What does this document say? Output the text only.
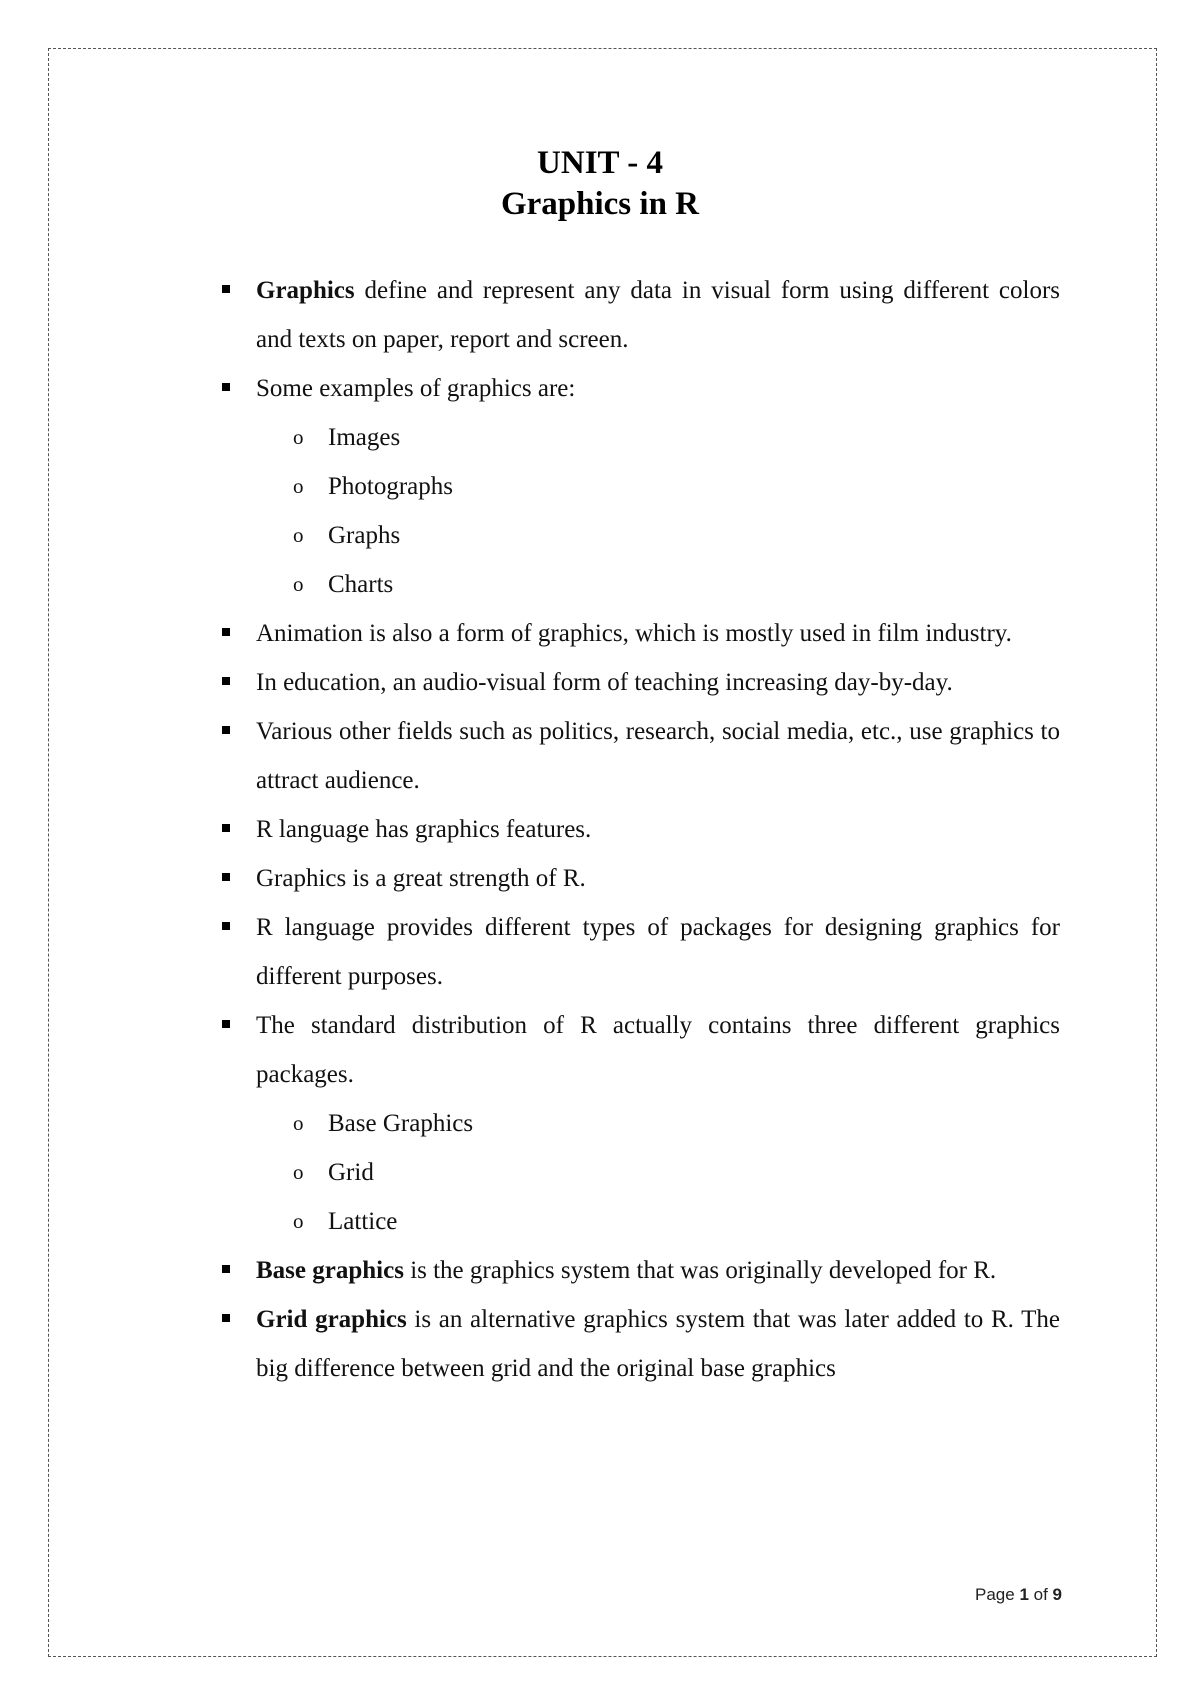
UNIT - 4
Graphics in R
Graphics define and represent any data in visual form using different colors and texts on paper, report and screen.
Some examples of graphics are:
o Images
o Photographs
o Graphs
o Charts
Animation is also a form of graphics, which is mostly used in film industry.
In education, an audio-visual form of teaching increasing day-by-day.
Various other fields such as politics, research, social media, etc., use graphics to attract audience.
R language has graphics features.
Graphics is a great strength of R.
R language provides different types of packages for designing graphics for different purposes.
The standard distribution of R actually contains three different graphics packages.
o Base Graphics
o Grid
o Lattice
Base graphics is the graphics system that was originally developed for R.
Grid graphics is an alternative graphics system that was later added to R. The big difference between grid and the original base graphics
Page 1 of 9
